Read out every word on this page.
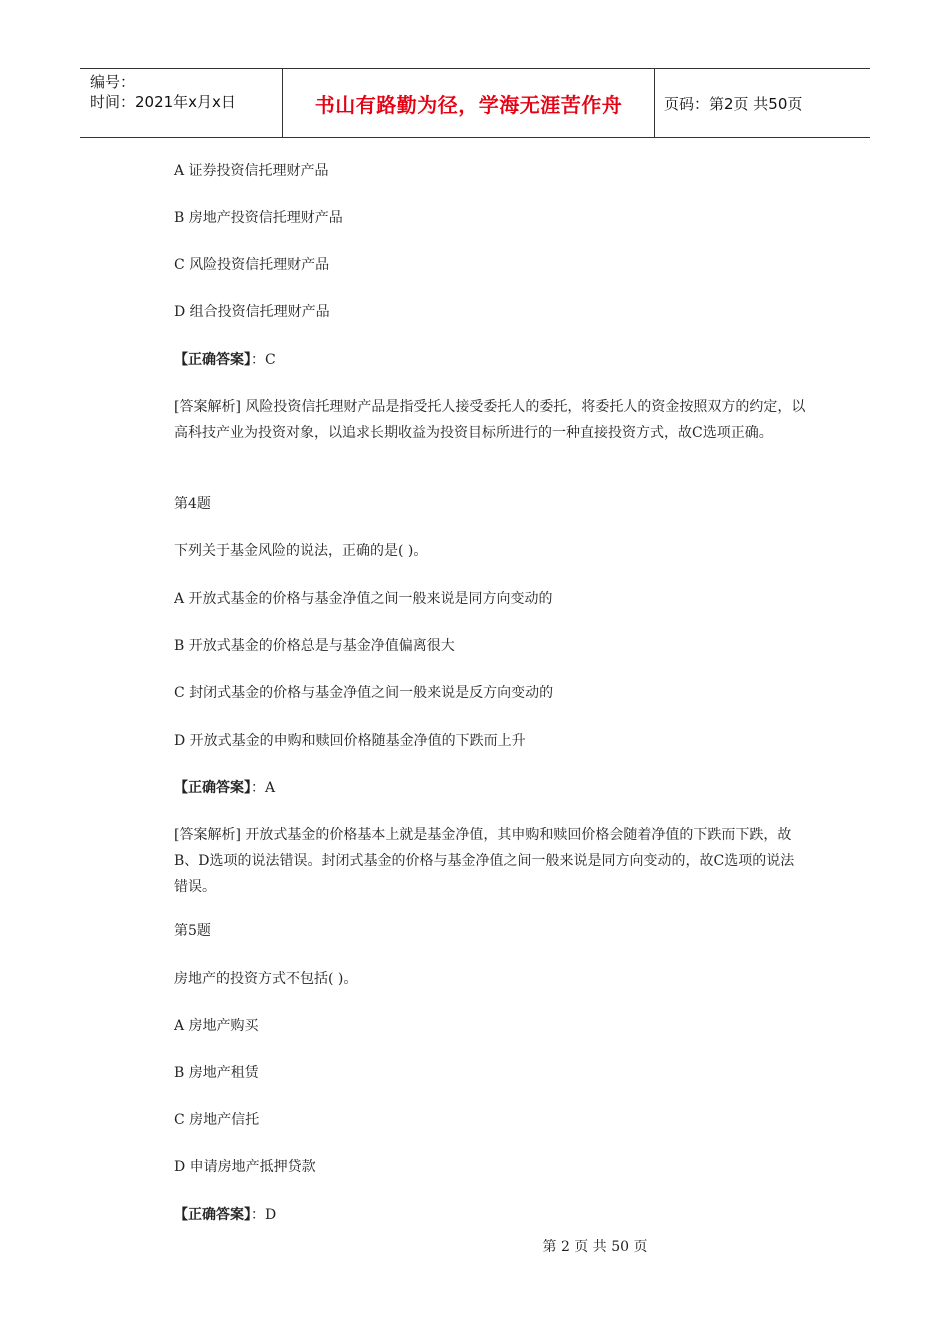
编号：
时间：2021年x月x日	书山有路勤为径，学海无涯苦作舟	页码：第2页 共50页
A 证券投资信托理财产品
B 房地产投资信托理财产品
C 风险投资信托理财产品
D 组合投资信托理财产品
【正确答案】：C
[答案解析] 风险投资信托理财产品是指受托人接受委托人的委托，将委托人的资金按照双方的约定，以高科技产业为投资对象，以追求长期收益为投资目标所进行的一种直接投资方式，故C选项正确。
第4题
下列关于基金风险的说法，正确的是( )。
A 开放式基金的价格与基金净值之间一般来说是同方向变动的
B 开放式基金的价格总是与基金净值偏离很大
C 封闭式基金的价格与基金净值之间一般来说是反方向变动的
D 开放式基金的申购和赎回价格随基金净值的下跌而上升
【正确答案】：A
[答案解析] 开放式基金的价格基本上就是基金净值，其申购和赎回价格会随着净值的下跌而下跌，故B、D选项的说法错误。封闭式基金的价格与基金净值之间一般来说是同方向变动的，故C选项的说法错误。
第5题
房地产的投资方式不包括( )。
A 房地产购买
B 房地产租赁
C 房地产信托
D 申请房地产抵押贷款
【正确答案】：D
第 2 页 共 50 页
